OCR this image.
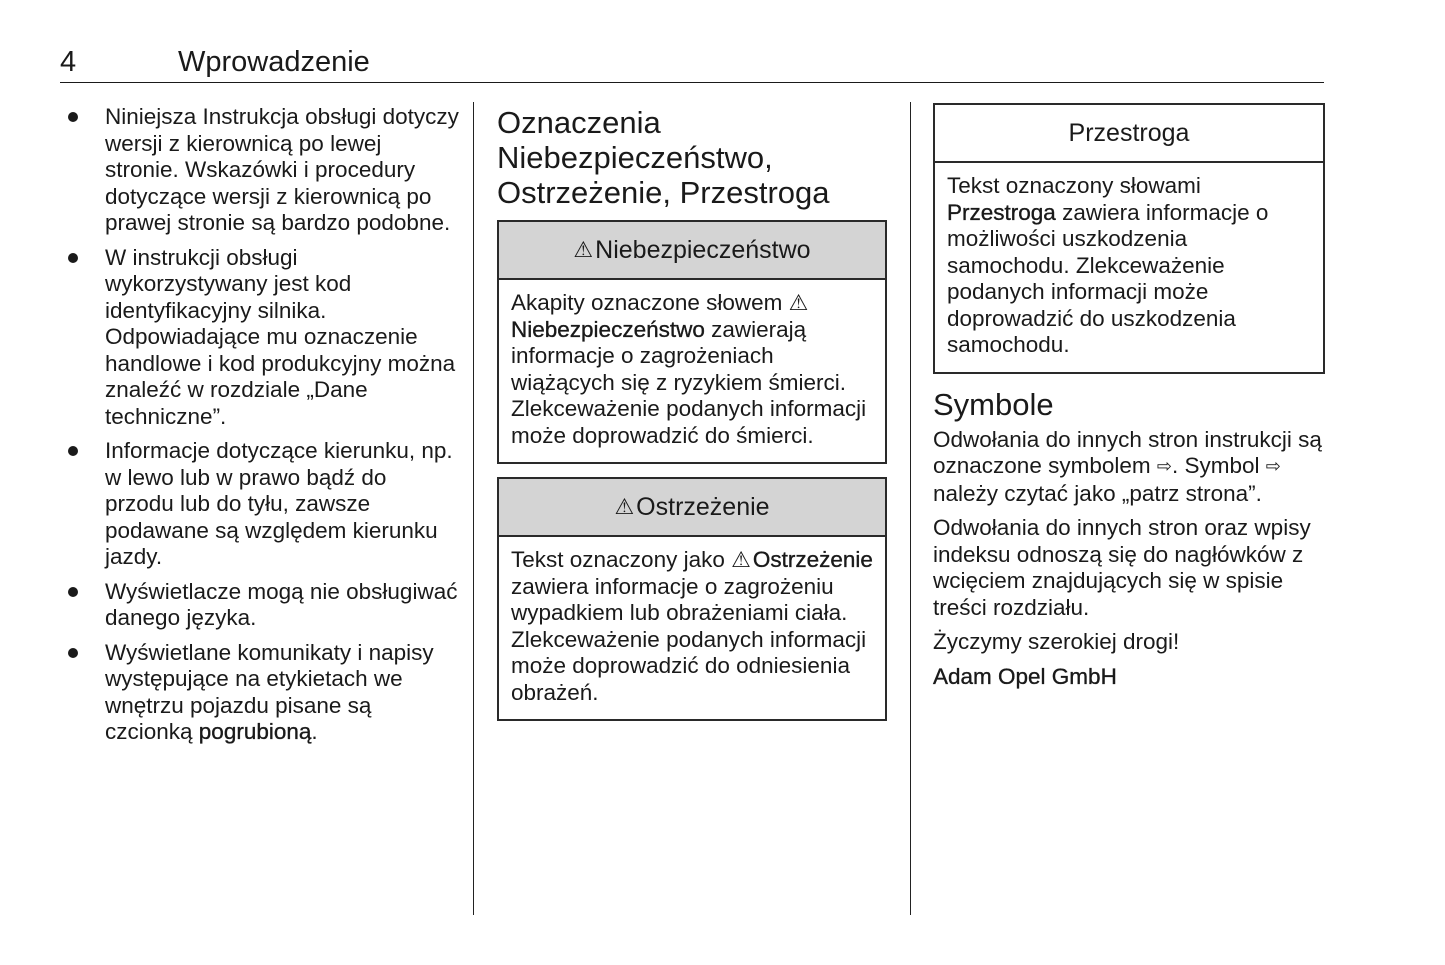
4	Wprowadzenie
Niniejsza Instrukcja obsługi dotyczy wersji z kierownicą po lewej stronie. Wskazówki i procedury dotyczące wersji z kierownicą po prawej stronie są bardzo podobne.
W instrukcji obsługi wykorzystywany jest kod identyfikacyjny silnika. Odpowiadające mu oznaczenie handlowe i kod produkcyjny można znaleźć w rozdziale „Dane techniczne”.
Informacje dotyczące kierunku, np. w lewo lub w prawo bądź do przodu lub do tyłu, zawsze podawane są względem kierunku jazdy.
Wyświetlacze mogą nie obsługiwać danego języka.
Wyświetlane komunikaty i napisy występujące na etykietach we wnętrzu pojazdu pisane są czcionką pogrubioną.
Oznaczenia Niebezpieczeństwo, Ostrzeżenie, Przestroga
⚠ Niebezpieczeństwo
Akapity oznaczone słowem ⚠Niebezpieczeństwo zawierają informacje o zagrożeniach wiążących się z ryzykiem śmierci. Zlekceważenie podanych informacji może doprowadzić do śmierci.
⚠ Ostrzeżenie
Tekst oznaczony jako ⚠Ostrzeżenie zawiera informacje o zagrożeniu wypadkiem lub obrażeniami ciała. Zlekceważenie podanych informacji może doprowadzić do odniesienia obrażeń.
Przestroga
Tekst oznaczony słowami Przestroga zawiera informacje o możliwości uszkodzenia samochodu. Zlekceważenie podanych informacji może doprowadzić do uszkodzenia samochodu.
Symbole

Odwołania do innych stron instrukcji są oznaczone symbolem ⇨. Symbol ⇨ należy czytać jako „patrz strona”.

Odwołania do innych stron oraz wpisy indeksu odnoszą się do nagłówków z wcięciem znajdujących się w spisie treści rozdziału.

Życzymy szerokiej drogi!

Adam Opel GmbH
